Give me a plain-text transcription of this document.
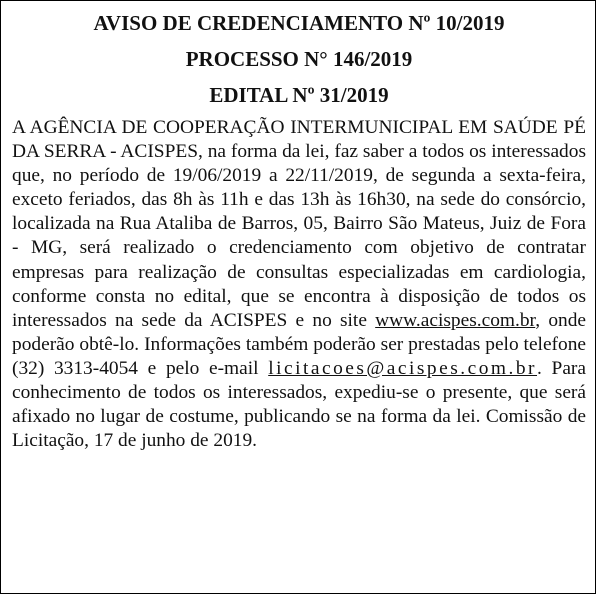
AVISO DE CREDENCIAMENTO Nº 10/2019

PROCESSO N° 146/2019

EDITAL Nº 31/2019

A AGÊNCIA DE COOPERAÇÃO INTERMUNICIPAL EM SAÚDE PÉ DA SERRA - ACISPES, na forma da lei, faz saber a todos os interessados que, no período de 19/06/2019 a 22/11/2019, de segunda a sexta-feira, exceto feriados, das 8h às 11h e das 13h às 16h30, na sede do consórcio, localizada na Rua Ataliba de Barros, 05, Bairro São Mateus, Juiz de Fora - MG, será realizado o credenciamento com objetivo de contratar empresas para realização de consultas especializadas em cardiologia, conforme consta no edital, que se encontra à disposição de todos os interessados na sede da ACISPES e no site www.acispes.com.br, onde poderão obtê-lo. Informações também poderão ser prestadas pelo telefone (32) 3313-4054 e pelo e-mail licitacoes@acispes.com.br. Para conhecimento de todos os interessados, expediu-se o presente, que será afixado no lugar de costume, publicando se na forma da lei. Comissão de Licitação, 17 de junho de 2019.
